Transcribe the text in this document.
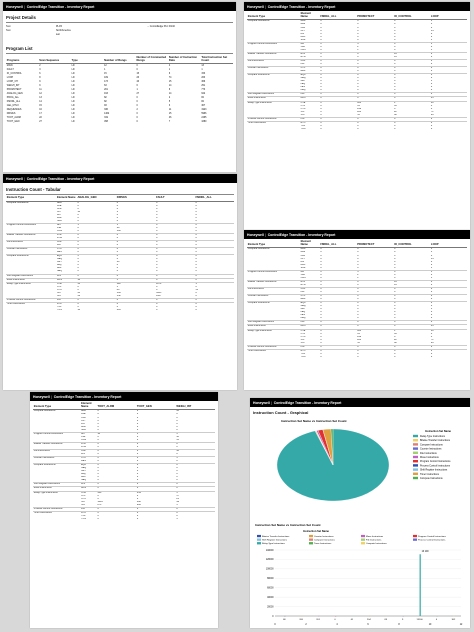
Honeywell | ControlEdge Transition - Inventory Report
Project Details
Test	PLC5	→ ControlEdge PLC R140
Test	NorthAmerica
test
Program List
Programs	Scan Sequence	Type	Number of Rungs	Number of Commented Rungs	Number of Instruction Data	Total Instruction Set Count
MAIN	2	LD	12	0	4	13
FAULT	3	LD	1	0	1	1
IO_CONTROL	6	LD	15	15	6	153
LOOP	8	LD	109	26	74	263
LOOP_CTI	9	LD	173	46	15	366
WEIGH_INT	9	LD	63	6	14	251
PROMOTECT	11	LD	201	1	6	773
ANALOG_GEN	12	LD	163	27	14	622
PROG_ALL	13	LD	82	0	2	82
FMODL_ALL	14	LD	82	0	5	82
GEL_MTLX	15	LD	93	0	3	307
DEQUENCES	16	LD	336	2	11	1923
DRIVES	17	LD	1462	0	15	5966
TOOT_ALRM	22	LD	319	0	46	2465
TOOT_GEN	27	LD	458	0	7	1680
Honeywell | ControlEdge Transition - Inventory Report
Instruction Count - Tabular
Element Type	Element Name	ANALOG_GEN	DRIVES	FAULT	FMODL_ALL
Compute instructions	ADD	0	0	0	0
	AVE	0	0	0	0
	CLR	0	0	0	0
	CPT	14	2	0	0
	DIV	0	0	0	0
	MUL	2	0	0	0
	SUB	0	0	0	0
Program Control instructions	AFI	1	1	0	0
	JSR	2	29	0	0
	ONS	0	140	0	0
Bitwise Transfer instructions	BTR	0	0	0	0
	BTW	0	0	0	0
File instructions	COP	0	0	0	0
	FLL	0	0	0	0
Counter instructions	CTU	0	0	0	0
	RES	0	0	0	0
Compare instructions	EQU	3	0	0	0
	GEQ	0	0	0	0
	GRT	4	20	0	0
	LEQ	0	0	0	0
	LES	0	0	0	0
	NEQ	0	0	0	0
Shift Register instructions	FFL	0	0	0	0
Move instructions	MOV	14	5	0	0
Relay-Type instructions	OTE	50	122	1070	1
	OTL	0	5	0	0
	OTU	0	84	0	51
	XIC	45	166	3345	0
	XIO	32	152	1627	0
Process Control instructions	PID	0	0	0	0
Timer instructions	RTO	0	0	0	0
	TOF	0	0	0	0
	TON	14	285	0	0
Honeywell | ControlEdge Transition - Inventory Report
Element Type	Element Name	FMDEL_ALL	PROMOTECT	IO_CONTROL	LOOP
Compute instructions	ADD	0	0	0	1
	AVE	0	0	0	3
	CLR	0	0	0	0
	CPT	0	0	0	54
	DIV	0	0	0	0
	MUL	0	0	0	2
	SUB	0	0	0	1
Program Control instructions	AFI	0	3	0	1
	JSR	0	2	0	0
	ONS	0	1	0	5
Bitwise Transfer instructions	BTR	0	0	16	0
	BTW	0	0	16	0
File instructions	COP	0	0	0	0
	FLL	0	0	0	0
Counter instructions	CTU	0	0	0	0
	RES	0	0	0	0
Compare instructions	EQU	0	0	0	0
	GEQ	0	0	0	0
	GRT	0	0	0	1
	LEQ	0	0	0	0
	LES	0	0	0	0
	NEQ	0	0	0	0
Shift Register instructions	FFL	0	0	0	0
Move instructions	MOV	0	0	0	45
Relay-Type instructions	OTE	0	184	1	30
	OTL	0	61	63	4
	OTU	0	249	0	4
	XIC	0	206	22	71
	XIO	0	55	48	29
Process Control instructions	PID	0	0	0	6
Timer instructions	RTO	0	0	0	0
	TOF	0	0	0	0
	TON	0	0	0	6
Honeywell | ControlEdge Transition - Inventory Report
Element Type	Element Name	FMDEL_ALL	PROMOTECT	IO_CONTROL	LOOP
Compute instructions	ADD	0	0	0	1
	AVE	0	0	0	3
	CLR	0	0	0	0
	CPT	0	0	0	54
	DIV	0	0	0	0
	MUL	0	0	0	2
	SUB	0	0	0	1
Program Control instructions	AFI	0	3	0	1
	JSR	0	2	0	0
	ONS	0	1	0	5
Bitwise Transfer instructions	BTR	0	0	16	0
	BTW	0	0	16	0
File instructions	COP	0	0	0	0
	FLL	0	0	0	0
Counter instructions	CTU	0	0	0	0
	RES	0	0	0	0
Compare instructions	EQU	0	0	0	0
	GEQ	0	0	0	0
	GRT	0	0	0	1
	LEQ	0	0	0	0
	LES	0	0	0	0
	NEQ	0	0	0	0
Shift Register instructions	FFL	0	0	0	0
Move instructions	MOV	0	0	0	45
Relay-Type instructions	OTE	0	184	1	30
	OTL	0	61	63	4
	OTU	0	249	0	4
	XIC	0	206	22	71
	XIO	0	55	48	29
Process Control instructions	PID	0	0	0	6
Timer instructions	RTO	0	0	0	0
	TOF	0	0	0	0
	TON	0	0	0	6
Honeywell | ControlEdge Transition - Inventory Report
Element Type	Element Name	TOOT_ALRM	TOOT_GEN	WEIGH_INT
Compute instructions	ADD	0	0	45
	AVE	0	0	0
	CLR	0	0	0
	CPT	0	0	0
	DIV	0	0	0
	MUL	0	0	0
	SUB	0	0	0
Program Control instructions	AFI	10	1	1
	JSR	0	0	10
	ONS	0	0	11
Bitwise Transfer instructions	BTR	0	0	0
	BTW	0	0	0
File instructions	COP	0	0	16
	FLL	0	0	0
Counter instructions	CTU	0	0	1
	RES	0	0	0
Compare instructions	EQU	0	0	0
	GEQ	0	0	0
	GRT	0	0	0
	LEQ	0	0	0
	LES	0	0	0
	NEQ	0	0	0
Shift Register instructions	FFL	0	0	0
Move instructions	MOV	0	0	0
Relay-Type instructions	OTE	306	459	5
	OTL	0	0	17
	OTU	0	0	21
	XIC	1684	492	49
	XIO	873	886	1
Process Control instructions	PID	0	0	0
Timer instructions	RTO	0	0	0
	TOF	0	0	0
	TON	0	0	5
Honeywell | ControlEdge Transition - Inventory Report
Instruction Count - Graphical
Instruction Set Name vs Instruction Set Count
Instruction Set Name
Relay-Type Instructions
Bitwise Transfer Instructions
Compare Instructions
Counter Instructions
File Instructions
Move Instructions
Program Control Instructions
Process Control Instructions
Shift Register Instructions
Timer Instructions
Compute Instructions

Instruction Set Name vs Instruction Set Count
Instruction Set Name
Bitwise Transfer Instructions	Counter Instructions	Move Instructions	Program Control Instructions
Shift Register Instructions	Compare Instructions	File Instructions	Process Control Instructions
Relay-Type Instructions	Timer Instructions	Compute Instructions
140000
120000
100000
80000
60000
40000
20000
0
68	200	201	0	61	204	69	9	13100	0	302
13 100
0	2	4	6	8	10	12
